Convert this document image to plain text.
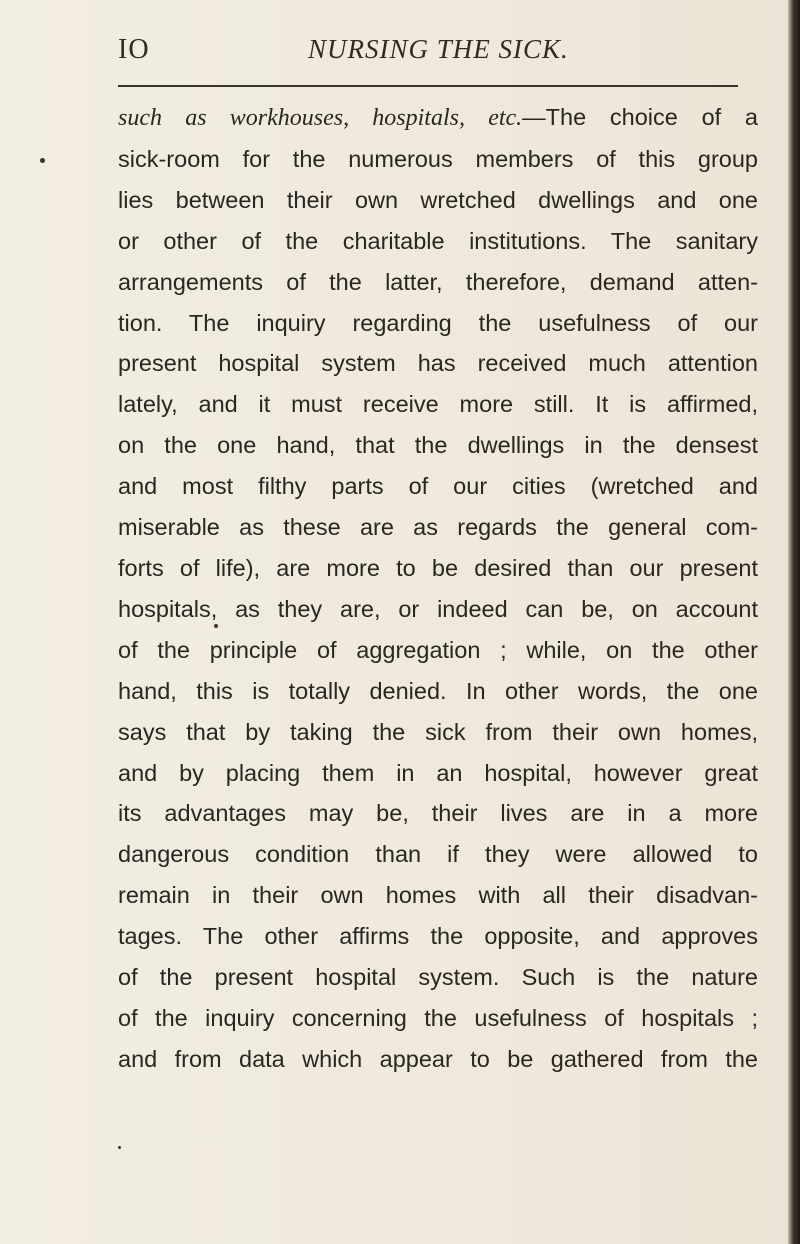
IO	NURSING THE SICK.
such as workhouses, hospitals, etc.—The choice of a
sick-room for the numerous members of this group
lies between their own wretched dwellings and one
or other of the charitable institutions. The sanitary
arrangements of the latter, therefore, demand atten-
tion. The inquiry regarding the usefulness of our
present hospital system has received much attention
lately, and it must receive more still. It is affirmed,
on the one hand, that the dwellings in the densest
and most filthy parts of our cities (wretched and
miserable as these are as regards the general com-
forts of life), are more to be desired than our present
hospitals, as they are, or indeed can be, on account
of the principle of aggregation ; while, on the other
hand, this is totally denied. In other words, the one
says that by taking the sick from their own homes,
and by placing them in an hospital, however great
its advantages may be, their lives are in a more
dangerous condition than if they were allowed to
remain in their own homes with all their disadvan-
tages. The other affirms the opposite, and approves
of the present hospital system. Such is the nature
of the inquiry concerning the usefulness of hospitals ;
and from data which appear to be gathered from the
